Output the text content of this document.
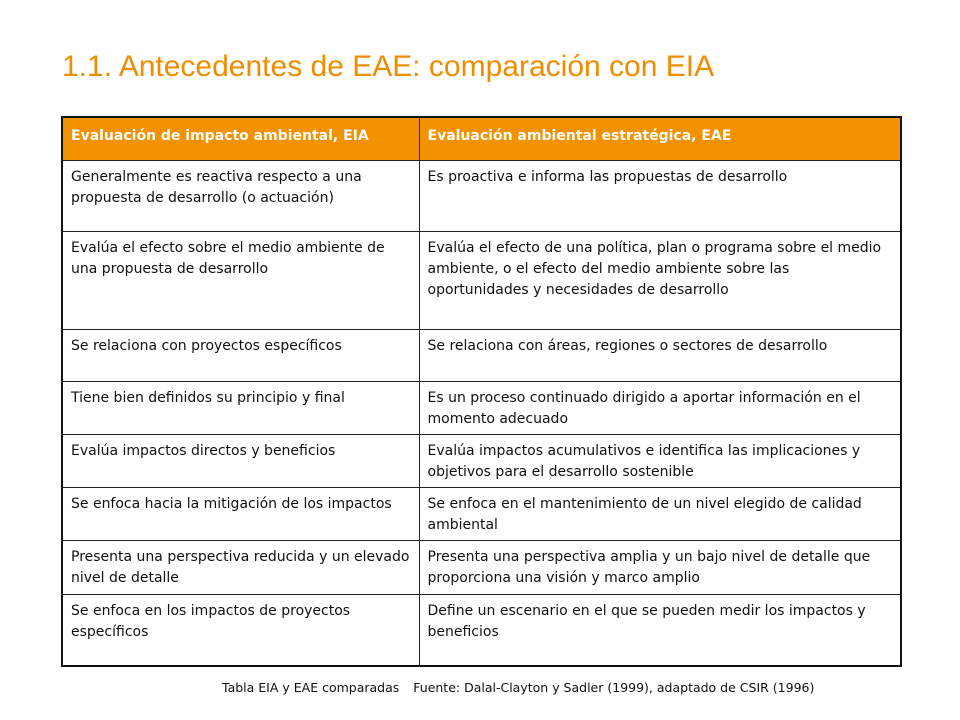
1.1. Antecedentes de EAE: comparación con EIA
Evaluación de impacto ambiental, EIA	Evaluación ambiental estratégica, EAE
Generalmente es reactiva respecto a una propuesta de desarrollo (o actuación)	Es proactiva e informa las propuestas de desarrollo
Evalúa el efecto sobre el medio ambiente de una propuesta de desarrollo	Evalúa el efecto de una política, plan o programa sobre el medio ambiente, o el efecto del medio ambiente sobre las oportunidades y necesidades de desarrollo
Se relaciona con proyectos específicos	Se relaciona con áreas, regiones o sectores de desarrollo
Tiene bien definidos su principio y final	Es un proceso continuado dirigido a aportar información en el momento adecuado
Evalúa impactos directos y beneficios	Evalúa impactos acumulativos e identifica las implicaciones y objetivos para el desarrollo sostenible
Se enfoca hacia la mitigación de los impactos	Se enfoca en el mantenimiento de un nivel elegido de calidad ambiental
Presenta una perspectiva reducida y un elevado nivel de detalle	Presenta una perspectiva amplia y un bajo nivel de detalle que proporciona una visión y marco amplio
Se enfoca en los impactos de proyectos específicos	Define un escenario en el que se pueden medir los impactos y beneficios
Tabla EIA y EAE comparadas Fuente: Dalal-Clayton y Sadler (1999), adaptado de CSIR (1996)
